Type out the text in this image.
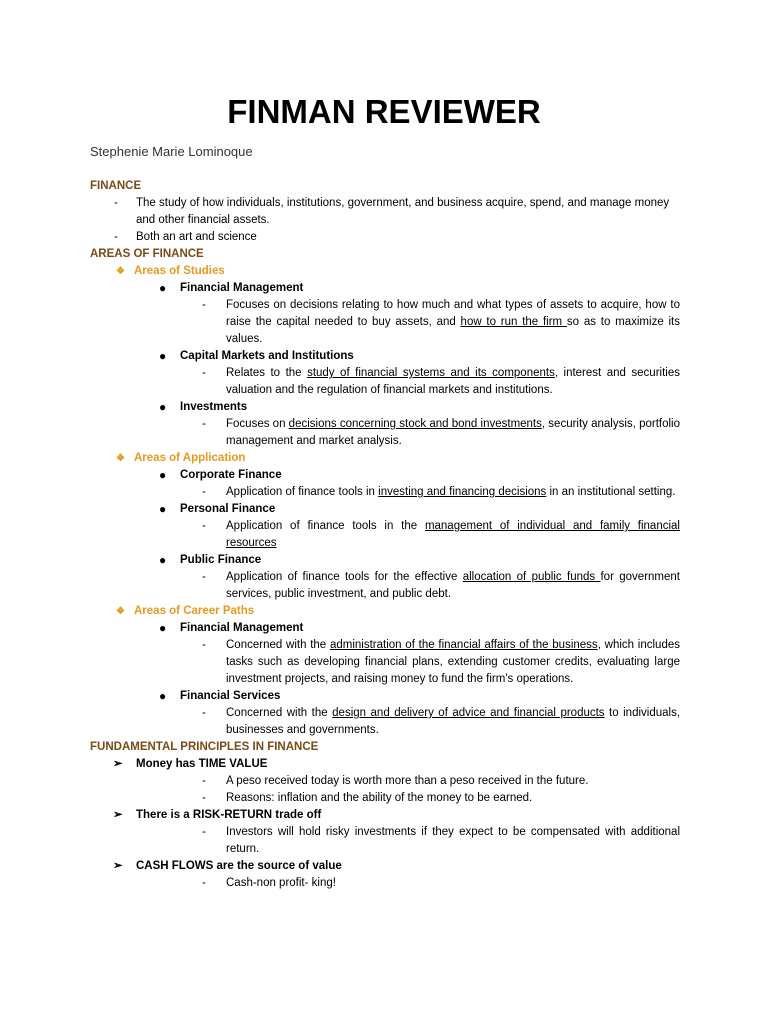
FINMAN REVIEWER
Stephenie Marie Lominoque
FINANCE
- The study of how individuals, institutions, government, and business acquire, spend, and manage money and other financial assets.
- Both an art and science
AREAS OF FINANCE
❖ Areas of Studies
● Financial Management
- Focuses on decisions relating to how much and what types of assets to acquire, how to raise the capital needed to buy assets, and how to run the firm so as to maximize its values.
● Capital Markets and Institutions
- Relates to the study of financial systems and its components, interest and securities valuation and the regulation of financial markets and institutions.
● Investments
- Focuses on decisions concerning stock and bond investments, security analysis, portfolio management and market analysis.
❖ Areas of Application
● Corporate Finance
- Application of finance tools in investing and financing decisions in an institutional setting.
● Personal Finance
- Application of finance tools in the management of individual and family financial resources
● Public Finance
- Application of finance tools for the effective allocation of public funds for government services, public investment, and public debt.
❖ Areas of Career Paths
● Financial Management
- Concerned with the administration of the financial affairs of the business, which includes tasks such as developing financial plans, extending customer credits, evaluating large investment projects, and raising money to fund the firm's operations.
● Financial Services
- Concerned with the design and delivery of advice and financial products to individuals, businesses and governments.
FUNDAMENTAL PRINCIPLES IN FINANCE
➢ Money has TIME VALUE
- A peso received today is worth more than a peso received in the future.
- Reasons: inflation and the ability of the money to be earned.
➢ There is a RISK-RETURN trade off
- Investors will hold risky investments if they expect to be compensated with additional return.
➢ CASH FLOWS are the source of value
- Cash-non profit- king!
